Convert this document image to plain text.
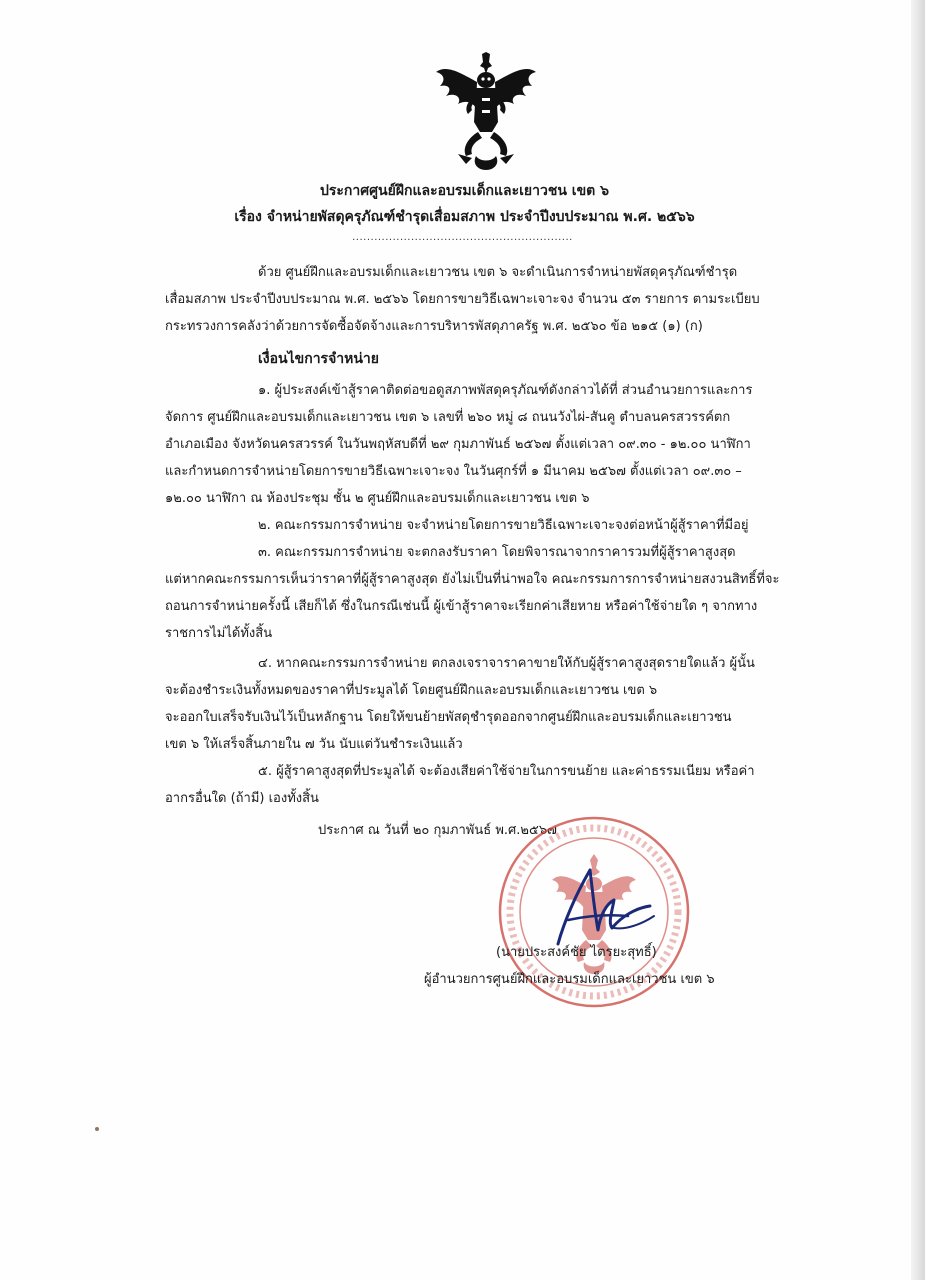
ประกาศศูนย์ฝึกและอบรมเด็กและเยาวชน เขต ๖
เรื่อง จำหน่ายพัสดุครุภัณฑ์ชำรุดเสื่อมสภาพ ประจำปีงบประมาณ พ.ศ. ๒๕๖๖
............................................................
ด้วย ศูนย์ฝึกและอบรมเด็กและเยาวชน เขต ๖ จะดำเนินการจำหน่ายพัสดุครุภัณฑ์ชำรุด
เสื่อมสภาพ ประจำปีงบประมาณ พ.ศ. ๒๕๖๖ โดยการขายวิธีเฉพาะเจาะจง จำนวน ๕๓ รายการ ตามระเบียบ
กระทรวงการคลังว่าด้วยการจัดซื้อจัดจ้างและการบริหารพัสดุภาครัฐ พ.ศ. ๒๕๖๐ ข้อ ๒๑๕ (๑) (ก)
เงื่อนไขการจำหน่าย
๑. ผู้ประสงค์เข้าสู้ราคาติดต่อขอดูสภาพพัสดุครุภัณฑ์ดังกล่าวได้ที่ ส่วนอำนวยการและการ
จัดการ ศูนย์ฝึกและอบรมเด็กและเยาวชน เขต ๖ เลขที่ ๒๖๐ หมู่ ๘ ถนนวังไผ่-สันคู ตำบลนครสวรรค์ตก
อำเภอเมือง จังหวัดนครสวรรค์ ในวันพฤหัสบดีที่ ๒๙ กุมภาพันธ์ ๒๕๖๗ ตั้งแต่เวลา ๐๙.๓๐ - ๑๒.๐๐ นาฬิกา
และกำหนดการจำหน่ายโดยการขายวิธีเฉพาะเจาะจง ในวันศุกร์ที่ ๑ มีนาคม ๒๕๖๗ ตั้งแต่เวลา ๐๙.๓๐ –
๑๒.๐๐ นาฬิกา ณ ห้องประชุม ชั้น ๒ ศูนย์ฝึกและอบรมเด็กและเยาวชน เขต ๖
๒. คณะกรรมการจำหน่าย จะจำหน่ายโดยการขายวิธีเฉพาะเจาะจงต่อหน้าผู้สู้ราคาที่มีอยู่
๓. คณะกรรมการจำหน่าย จะตกลงรับราคา โดยพิจารณาจากราคารวมที่ผู้สู้ราคาสูงสุด
แต่หากคณะกรรมการเห็นว่าราคาที่ผู้สู้ราคาสูงสุด ยังไม่เป็นที่น่าพอใจ คณะกรรมการการจำหน่ายสงวนสิทธิ์ที่จะ
ถอนการจำหน่ายครั้งนี้ เสียก็ได้ ซึ่งในกรณีเช่นนี้ ผู้เข้าสู้ราคาจะเรียกค่าเสียหาย หรือค่าใช้จ่ายใด ๆ จากทาง
ราชการไม่ได้ทั้งสิ้น
๔. หากคณะกรรมการจำหน่าย ตกลงเจราจาราคาขายให้กับผู้สู้ราคาสูงสุดรายใดแล้ว ผู้นั้น
จะต้องชำระเงินทั้งหมดของราคาที่ประมูลได้ โดยศูนย์ฝึกและอบรมเด็กและเยาวชน เขต ๖
จะออกใบเสร็จรับเงินไว้เป็นหลักฐาน โดยให้ขนย้ายพัสดุชำรุดออกจากศูนย์ฝึกและอบรมเด็กและเยาวชน
เขต ๖ ให้เสร็จสิ้นภายใน ๗ วัน นับแต่วันชำระเงินแล้ว
๕. ผู้สู้ราคาสูงสุดที่ประมูลได้ จะต้องเสียค่าใช้จ่ายในการขนย้าย และค่าธรรมเนียม หรือค่า
อากรอื่นใด (ถ้ามี) เองทั้งสิ้น
ประกาศ ณ วันที่ ๒๐ กุมภาพันธ์ พ.ศ.๒๕๖๗
(นายประสงค์ชัย ไตรยะสุทธิ์)
ผู้อำนวยการศูนย์ฝึกและอบรมเด็กและเยาวชน เขต ๖
